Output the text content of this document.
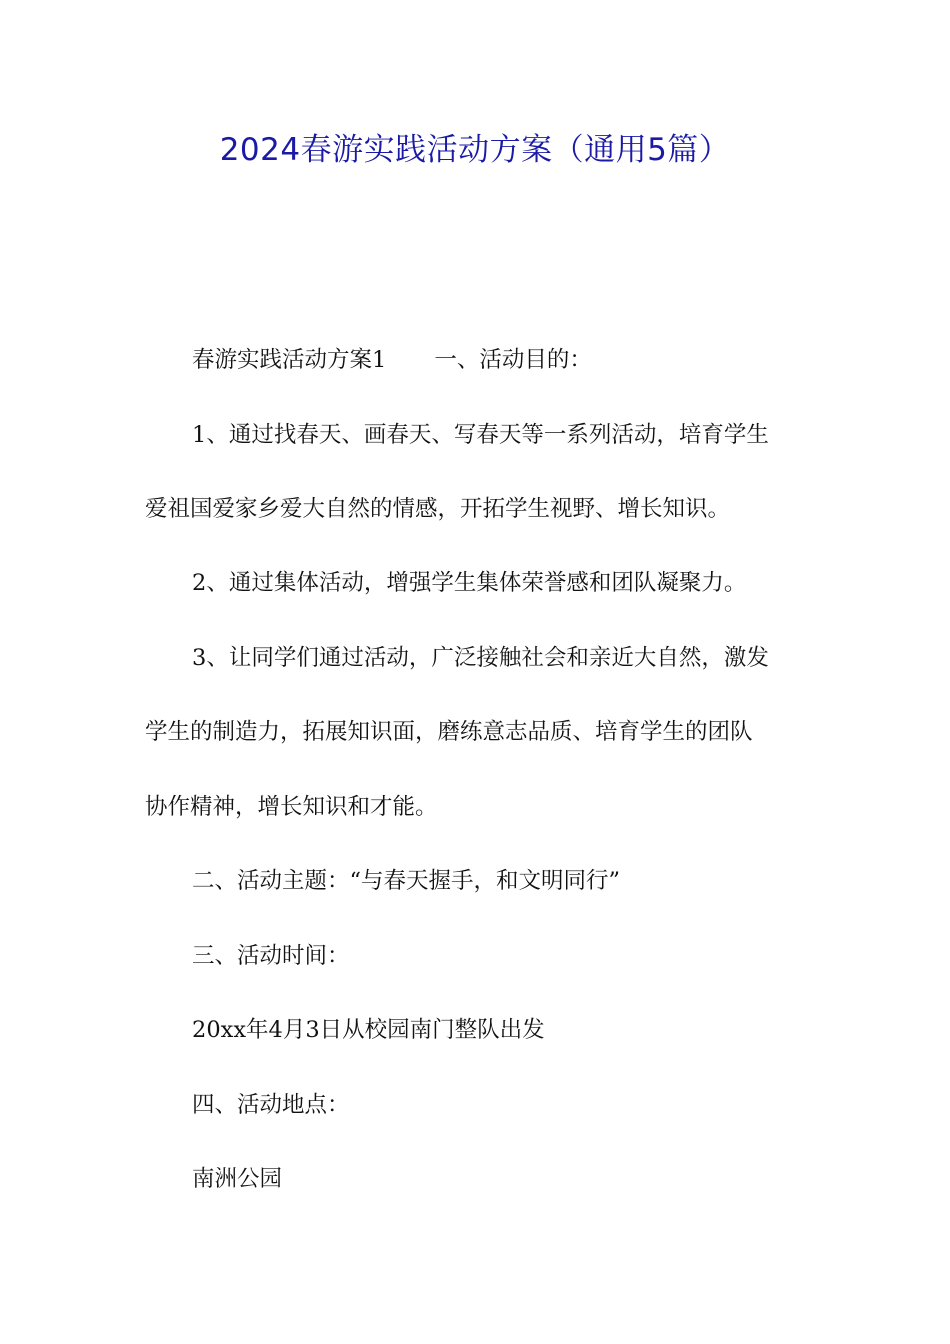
2024春游实践活动方案（通用5篇）
春游实践活动方案1 一、活动目的：
1、通过找春天、画春天、写春天等一系列活动，培育学生
爱祖国爱家乡爱大自然的情感，开拓学生视野、增长知识。
2、通过集体活动，增强学生集体荣誉感和团队凝聚力。
3、让同学们通过活动，广泛接触社会和亲近大自然，激发
学生的制造力，拓展知识面，磨练意志品质、培育学生的团队
协作精神，增长知识和才能。
二、活动主题：“与春天握手，和文明同行”
三、活动时间：
20xx年4月3日从校园南门整队出发
四、活动地点：
南洲公园
